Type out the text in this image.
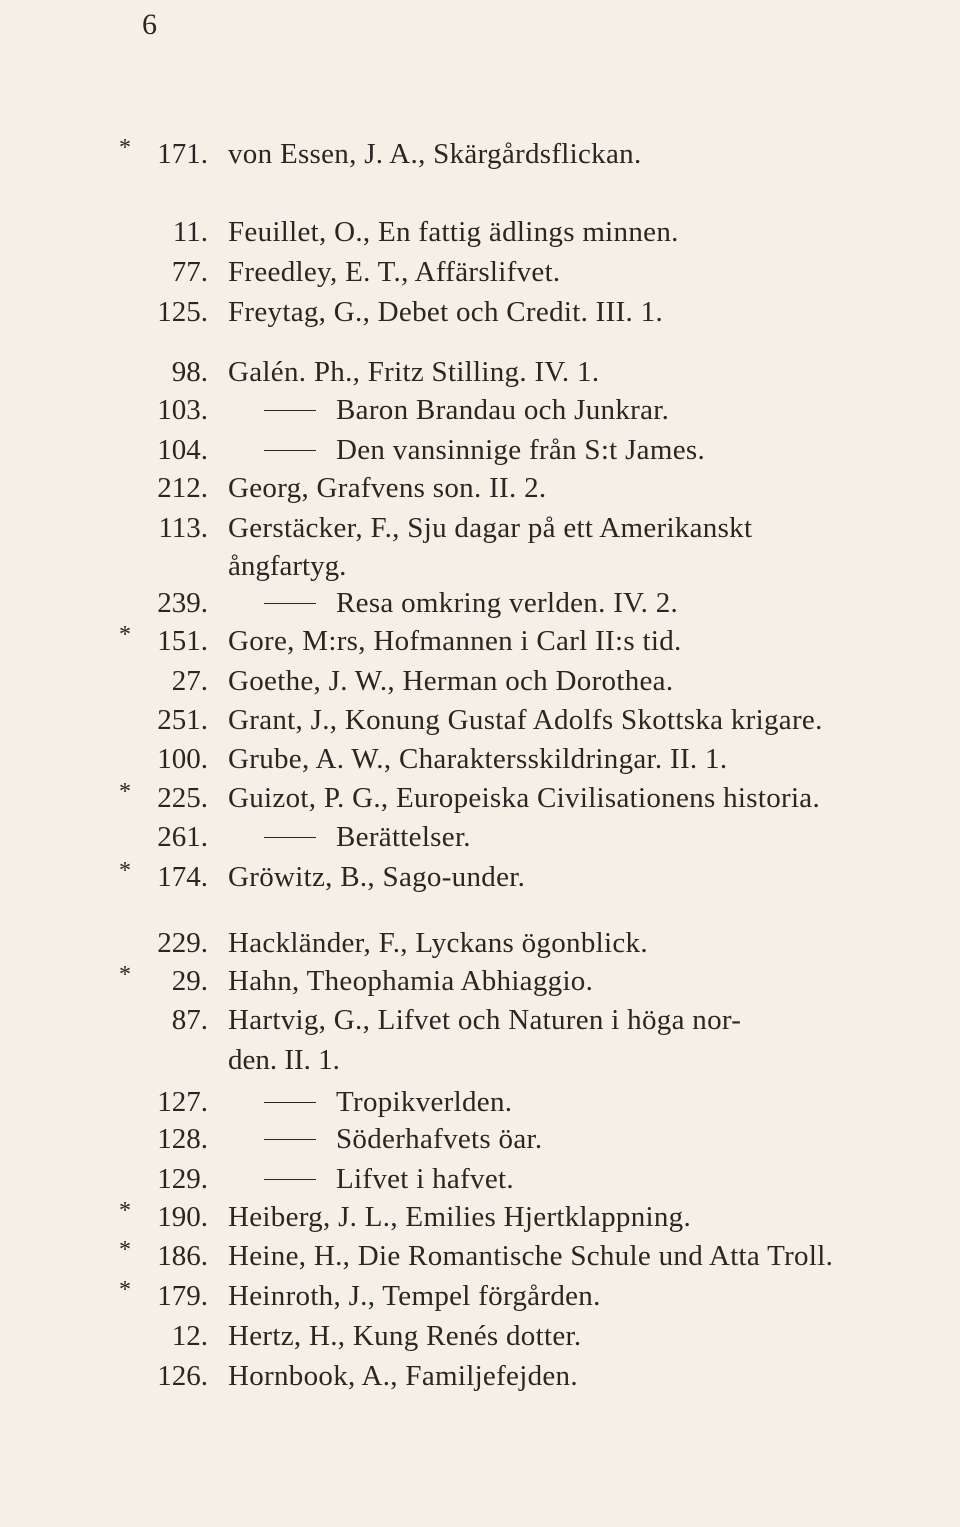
6
* 171. von Essen, J. A., Skärgårdsflickan.
11. Feuillet, O., En fattig ädlings minnen.
77. Freedley, E. T., Affärslifvet.
125. Freytag, G., Debet och Credit. III. 1.
98. Galén. Ph., Fritz Stilling. IV. 1.
103.	Baron Brandau och Junkrar.
104.	Den vansinnige från S:t James.
212. Georg, Grafvens son. II. 2.
113. Gerstäcker, F., Sju dagar på ett Amerikanskt
ångfartyg.
239.	Resa omkring verlden. IV. 2.
* 151. Gore, M:rs, Hofmannen i Carl II:s tid.
27. Goethe, J. W., Herman och Dorothea.
251. Grant, J., Konung Gustaf Adolfs Skottska krigare.
100. Grube, A. W., Charaktersskildringar. II. 1.
* 225. Guizot, P. G., Europeiska Civilisationens historia.
261.	Berättelser.
* 174. Gröwitz, B., Sago-under.
229. Hackländer, F., Lyckans ögonblick.
*	29. Hahn, Theophamia Abhiaggio.
87. Hartvig, G., Lifvet och Naturen i höga nor-
den. II. 1.
127.	Tropikverlden.
128.	Söderhafvets öar.
129.	Lifvet i hafvet.
* 190. Heiberg, J. L., Emilies Hjertklappning.
* 186. Heine, H., Die Romantische Schule und Atta Troll.
* 179. Heinroth, J., Tempel förgården.
12. Hertz, H., Kung Renés dotter.
126. Hornbook, A., Familjefejden.
